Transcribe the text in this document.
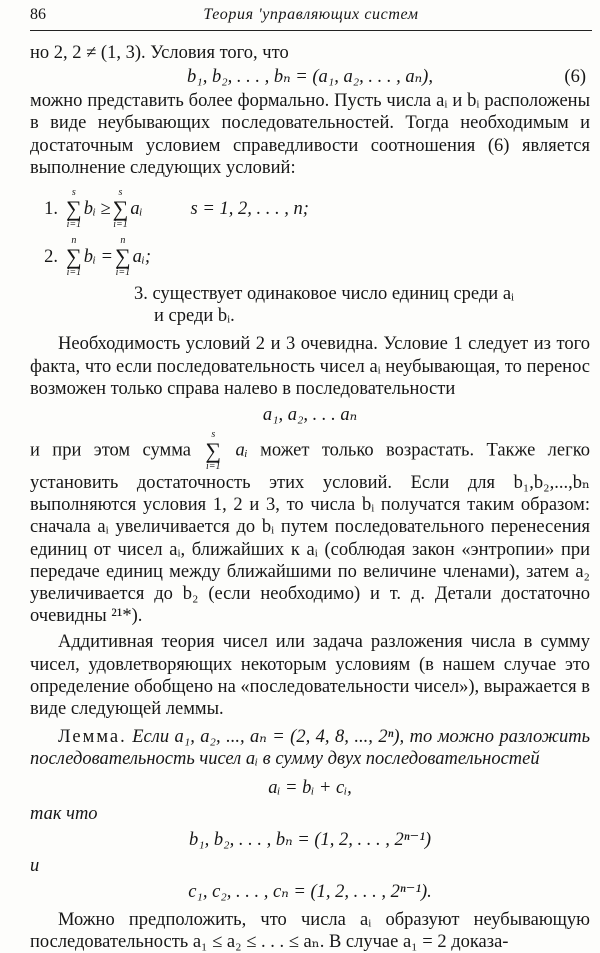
86	Теория 'управляющих систем

но 2, 2 ≠ (1, 3). Условия того, что

b₁, b₂, . . . , bₙ = (a₁, a₂, . . . , aₙ),	(6)

можно представить более формально. Пусть числа aᵢ и bᵢ расположены в виде неубывающих последовательностей. Тогда необходимым и достаточным условием справедливости соотношения (6) является выполнение следующих условий:

1.
s
∑
i=1
bᵢ ≥
s
∑
i=1
aᵢ	s = 1, 2, . . . , n;
2.
n
∑
i=1
bᵢ =
n
∑
i=1
aᵢ;

3. существует одинаковое число единиц среди aᵢ

и среди bᵢ.

Необходимость условий 2 и 3 очевидна. Условие 1 следует из того факта, что если последовательность чисел aᵢ неубывающая, то перенос возможен только справа налево в последовательности

a₁, a₂, . . . aₙ

и при этом сумма
s
∑
i=1
aᵢ может только возрастать. Также легко установить достаточность этих условий. Если для b₁,b₂,...,bₙ выполняются условия 1, 2 и 3, то числа bᵢ получатся таким образом: сначала aᵢ увеличивается до bᵢ путем последовательного перенесения единиц от чисел aᵢ, ближайших к aᵢ (соблюдая закон «энтропии» при передаче единиц между ближайшими по величине членами), затем a₂ увеличивается до b₂ (если необходимо) и т. д. Детали достаточно очевидны ²¹*).

Аддитивная теория чисел или задача разложения числа в сумму чисел, удовлетворяющих некоторым условиям (в нашем случае это определение обобщено на «последовательности чисел»), выражается в виде следующей леммы.

Лемма. Если a₁, a₂, ..., aₙ = (2, 4, 8, ..., 2ⁿ), то можно разложить последовательность чисел aᵢ в сумму двух последовательностей

aᵢ = bᵢ + cᵢ,
так что
b₁, b₂, . . . , bₙ = (1, 2, . . . , 2ⁿ⁻¹)
и
c₁, c₂, . . . , cₙ = (1, 2, . . . , 2ⁿ⁻¹).

Можно предположить, что числа aᵢ образуют неубывающую последовательность a₁ ≤ a₂ ≤ . . . ≤ aₙ. В случае a₁ = 2 доказа-
